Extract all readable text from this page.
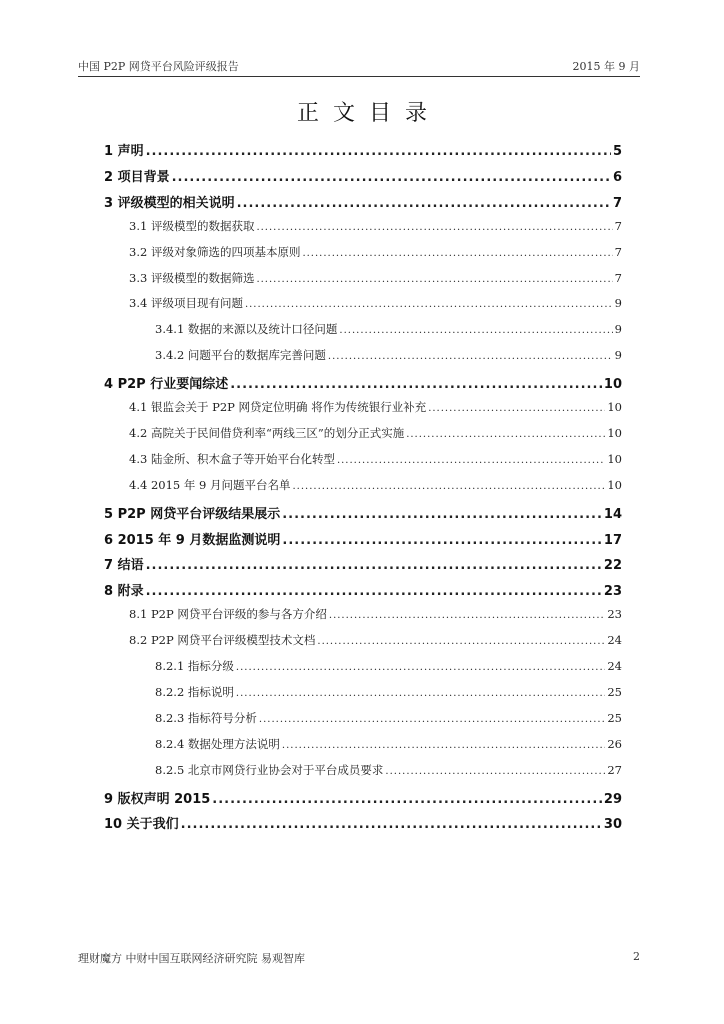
中国 P2P 网贷平台风险评级报告	2015 年 9 月
正文目录
1 声明 .....	5
2 项目背景 .....	6
3 评级模型的相关说明 .....	7
3.1 评级模型的数据获取 .....	7
3.2 评级对象筛选的四项基本原则 .....	7
3.3 评级模型的数据筛选 .....	7
3.4 评级项目现有问题 .....	9
3.4.1 数据的来源以及统计口径问题 .....	9
3.4.2 问题平台的数据库完善问题 .....	9
4 P2P 行业要闻综述 .....	10
4.1 银监会关于 P2P 网贷定位明确 将作为传统银行业补充 .....	10
4.2 高院关于民间借贷利率“两线三区”的划分正式实施 .....	10
4.3 陆金所、积木盒子等开始平台化转型 .....	10
4.4 2015 年 9 月问题平台名单 .....	10
5 P2P 网贷平台评级结果展示 .....	14
6 2015 年 9 月数据监测说明 .....	17
7 结语 .....	22
8 附录 .....	23
8.1 P2P 网贷平台评级的参与各方介绍 .....	23
8.2 P2P 网贷平台评级模型技术文档 .....	24
8.2.1 指标分级 .....	24
8.2.2 指标说明 .....	25
8.2.3 指标符号分析 .....	25
8.2.4 数据处理方法说明 .....	26
8.2.5 北京市网贷行业协会对于平台成员要求 .....	27
9 版权声明 2015 .....	29
10 关于我们 .....	30
理财魔方 中财中国互联网经济研究院 易观智库	2
